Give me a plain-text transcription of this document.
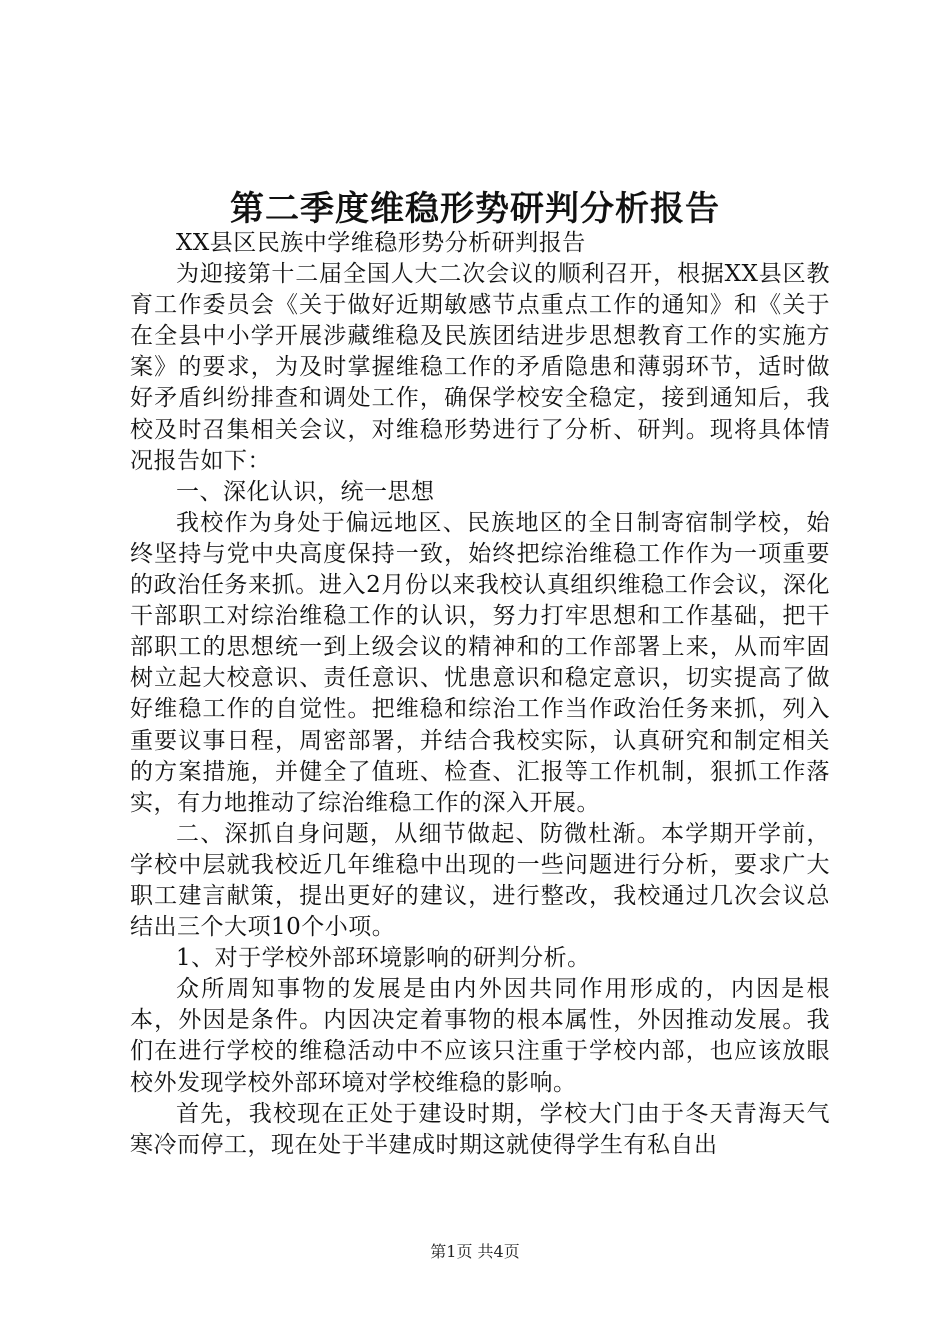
第二季度维稳形势研判分析报告

XX县区民族中学维稳形势分析研判报告

为迎接第十二届全国人大二次会议的顺利召开，根据XX县区教育工作委员会《关于做好近期敏感节点重点工作的通知》和《关于在全县中小学开展涉藏维稳及民族团结进步思想教育工作的实施方案》的要求，为及时掌握维稳工作的矛盾隐患和薄弱环节，适时做好矛盾纠纷排查和调处工作，确保学校安全稳定，接到通知后，我校及时召集相关会议，对维稳形势进行了分析、研判。现将具体情况报告如下：

一、深化认识，统一思想

我校作为身处于偏远地区、民族地区的全日制寄宿制学校，始终坚持与党中央高度保持一致，始终把综治维稳工作作为一项重要的政治任务来抓。进入2月份以来我校认真组织维稳工作会议，深化干部职工对综治维稳工作的认识，努力打牢思想和工作基础，把干部职工的思想统一到上级会议的精神和的工作部署上来，从而牢固树立起大校意识、责任意识、忧患意识和稳定意识，切实提高了做好维稳工作的自觉性。把维稳和综治工作当作政治任务来抓，列入重要议事日程，周密部署，并结合我校实际，认真研究和制定相关的方案措施，并健全了值班、检查、汇报等工作机制，狠抓工作落实，有力地推动了综治维稳工作的深入开展。

二、深抓自身问题，从细节做起、防微杜渐。本学期开学前，学校中层就我校近几年维稳中出现的一些问题进行分析，要求广大职工建言献策，提出更好的建议，进行整改，我校通过几次会议总结出三个大项10个小项。

1、对于学校外部环境影响的研判分析。

众所周知事物的发展是由内外因共同作用形成的，内因是根本，外因是条件。内因决定着事物的根本属性，外因推动发展。我们在进行学校的维稳活动中不应该只注重于学校内部，也应该放眼校外发现学校外部环境对学校维稳的影响。

首先，我校现在正处于建设时期，学校大门由于冬天青海天气寒冷而停工，现在处于半建成时期这就使得学生有私自出

第1页 共4页
